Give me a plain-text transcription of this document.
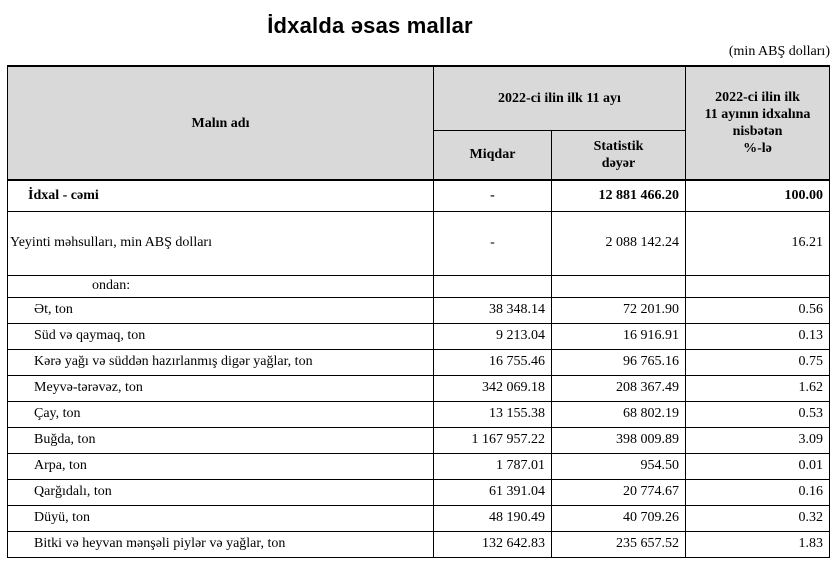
İdxalda əsas mallar
(min ABŞ dolları)
Malın adı	2022-ci ilin ilk 11 ayı		2022-ci ilin ilk
11 ayının idxalına
nisbətən
%-lə

	Miqdar	Statistik
dəyər	

İdxal - cəmi	-	12 881 466.20	100.00
Yeyinti məhsulları, min ABŞ dolları	-	2 088 142.24	16.21
ondan:			
Ət, ton	38 348.14	72 201.90	0.56
Süd və qaymaq, ton	9 213.04	16 916.91	0.13
Kərə yağı və süddən hazırlanmış digər yağlar, ton	16 755.46	96 765.16	0.75
Meyvə-tərəvəz, ton	342 069.18	208 367.49	1.62
Çay, ton	13 155.38	68 802.19	0.53
Buğda, ton	1 167 957.22	398 009.89	3.09
Arpa, ton	1 787.01	954.50	0.01
Qarğıdalı, ton	61 391.04	20 774.67	0.16
Düyü, ton	48 190.49	40 709.26	0.32
Bitki və heyvan mənşəli piylər və yağlar, ton	132 642.83	235 657.52	1.83
